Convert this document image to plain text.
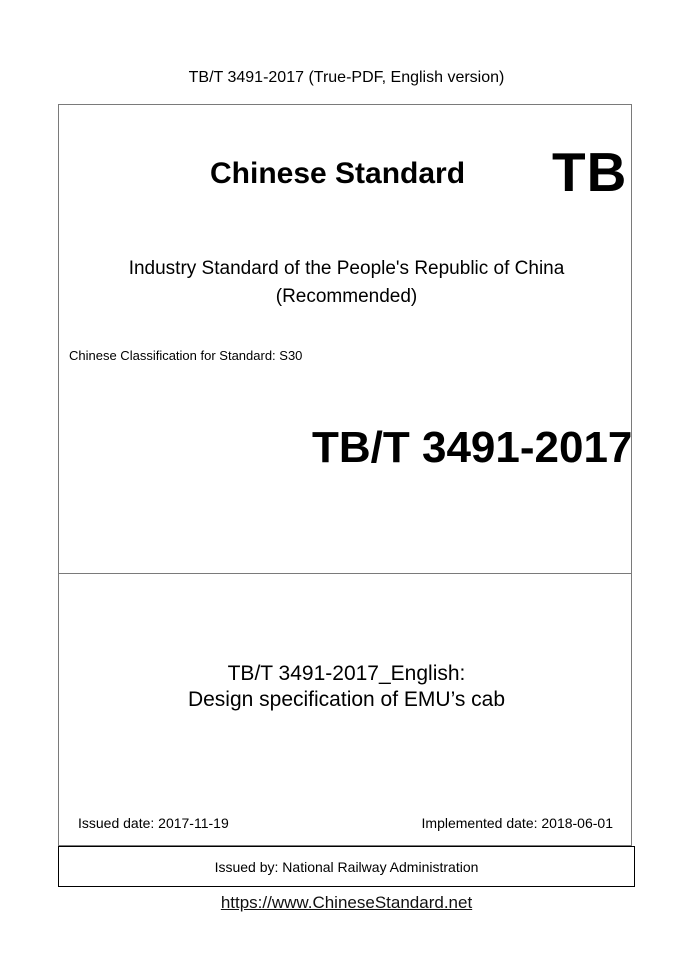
TB/T 3491-2017 (True-PDF, English version)
Chinese Standard TB
Industry Standard of the People's Republic of China
(Recommended)
Chinese Classification for Standard: S30
TB/T 3491-2017
TB/T 3491-2017_English:
Design specification of EMU’s cab
Issued date: 2017-11-19	Implemented date: 2018-06-01
Issued by: National Railway Administration
https://www.ChineseStandard.net
